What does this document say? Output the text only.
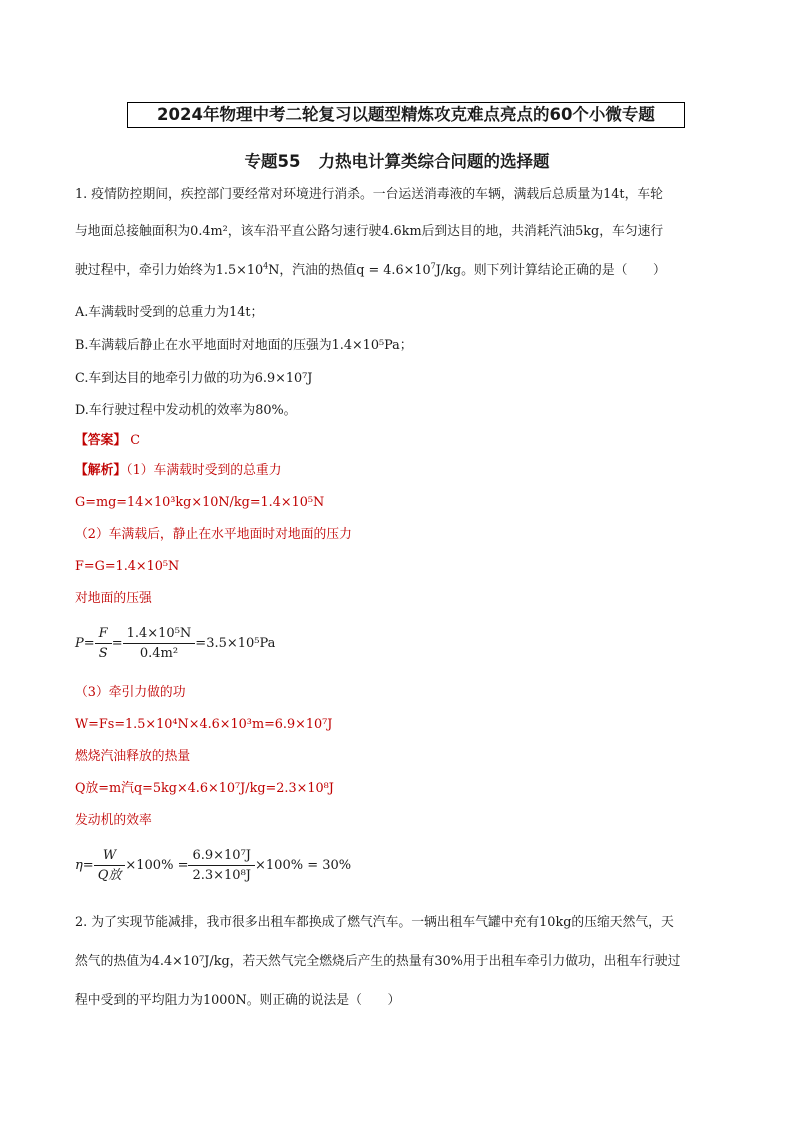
2024年物理中考二轮复习以题型精炼攻克难点亮点的60个小微专题
专题55 力热电计算类综合问题的选择题
1. 疫情防控期间，疾控部门要经常对环境进行消杀。一台运送消毒液的车辆，满载后总质量为14t，车轮
与地面总接触面积为0.4m²，该车沿平直公路匀速行驶4.6km后到达目的地，共消耗汽油5kg，车匀速行
驶过程中，牵引力始终为$1.5\times 10^4N$，汽油的热值$q = 4.6\times 10^7J/kg$。则下列计算结论正确的是（　　）
A.车满载时受到的总重力为14t；
B.车满载后静止在水平地面时对地面的压强为1.4×10⁵Pa；
C.车到达目的地牵引力做的功为6.9×10⁷J
D.车行驶过程中发动机的效率为80%。
【答案】 C
【解析】（1）车满载时受到的总重力
G=mg=14×10³kg×10N/kg=1.4×10⁵N
（2）车满载后，静止在水平地面时对地面的压力
F=G=1.4×10⁵N
对地面的压强
$P= \frac{F}{S} = \frac{\text{1.4×10⁵N}}{\text{0.4m²}} =3.5\times 10^5Pa$
（3）牵引力做的功
W=Fs=1.5×10⁴N×4.6×10³m=6.9×10⁷J
燃烧汽油释放的热量
Q放=m汽q=5kg×4.6×10⁷J/kg=2.3×10⁸J
发动机的效率
$\eta= \frac{W}{\text{Q放}} \times 100\% = \frac{\text{6.9×10⁷J}}{\text{2.3×10⁸J}} \times 100\% = 30\%$
2. 为了实现节能减排，我市很多出租车都换成了燃气汽车。一辆出租车气罐中充有10kg的压缩天然气，天
然气的热值为4.4×10⁷J/kg，若天然气完全燃烧后产生的热量有30%用于出租车牵引力做功，出租车行驶过
程中受到的平均阻力为1000N。则正确的说法是（　　）
